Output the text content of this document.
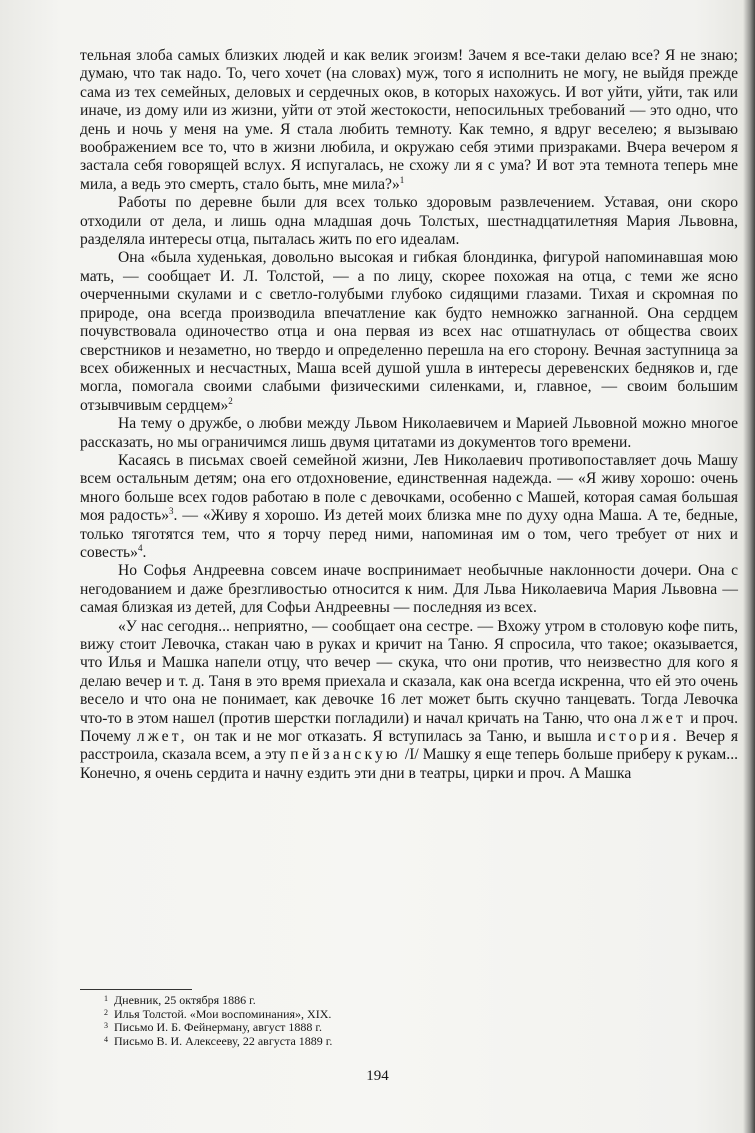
тельная злоба самых близких людей и как велик эгоизм! Зачем я все-таки делаю все? Я не знаю; думаю, что так надо. То, чего хочет (на словах) муж, того я исполнить не могу, не выйдя прежде сама из тех семейных, деловых и сердечных оков, в которых нахожусь. И вот уйти, уйти, так или иначе, из дому или из жизни, уйти от этой жестокости, непосильных требований — это одно, что день и ночь у меня на уме. Я стала любить темноту. Как темно, я вдруг веселею; я вызываю воображением все то, что в жизни любила, и окружаю себя этими призраками. Вчера вечером я застала себя говорящей вслух. Я испугалась, не схожу ли я с ума? И вот эта темнота теперь мне мила, а ведь это смерть, стало быть, мне мила?»$^1$

Работы по деревне были для всех только здоровым развлечением. Уставая, они скоро отходили от дела, и лишь одна младшая дочь Толстых, шестнадцатилетняя Мария Львовна, разделяла интересы отца, пыталась жить по его идеалам.

Она «была худенькая, довольно высокая и гибкая блондинка, фигурой напоминавшая мою мать, — сообщает И. Л. Толстой, — а по лицу, скорее похожая на отца, с теми же ясно очерченными скулами и с светло-голубыми глубоко сидящими глазами. Тихая и скромная по природе, она всегда производила впечатление как будто немножко загнанной. Она сердцем почувствовала одиночество отца и она первая из всех нас отшатнулась от общества своих сверстников и незаметно, но твердо и определенно перешла на его сторону. Вечная заступница за всех обиженных и несчастных, Маша всей душой ушла в интересы деревенских бедняков и, где могла, помогала своими слабыми физическими силенками, и, главное, — своим большим отзывчивым сердцем»$^2$

На тему о дружбе, о любви между Львом Николаевичем и Марией Львовной можно многое рассказать, но мы ограничимся лишь двумя цитатами из документов того времени.

Касаясь в письмах своей семейной жизни, Лев Николаевич противопоставляет дочь Машу всем остальным детям; она его отдохновение, единственная надежда. — «Я живу хорошо: очень много больше всех годов работаю в поле с девочками, особенно с Машей, которая самая большая моя радость»$^3$. — «Живу я хорошо. Из детей моих близка мне по духу одна Маша. А те, бедные, только тяготятся тем, что я торчу перед ними, напоминая им о том, чего требует от них и совесть»$^4$.

Но Софья Андреевна совсем иначе воспринимает необычные наклонности дочери. Она с негодованием и даже брезгливостью относится к ним. Для Льва Николаевича Мария Львовна — самая близкая из детей, для Софьи Андреевны — последняя из всех.

«У нас сегодня... неприятно, — сообщает она сестре. — Вхожу утром в столовую кофе пить, вижу стоит Левочка, стакан чаю в руках и кричит на Таню. Я спросила, что такое; оказывается, что Илья и Машка напели отцу, что вечер — скука, что они против, что неизвестно для кого я делаю вечер и т. д. Таня в это время приехала и сказала, как она всегда искренна, что ей это очень весело и что она не понимает, как девочке 16 лет может быть скучно танцевать. Тогда Левочка что-то в этом нашел (против шерстки погладили) и начал кричать на Таню, что она лжет и проч. Почему лжет, он так и не мог отказать. Я вступилась за Таню, и вышла история. Вечер я расстроила, сказала всем, а эту пейзанскую /I/ Машку я еще теперь больше приберу к рукам... Конечно, я очень сердита и начну ездить эти дни в театры, цирки и проч. А Машка

$^1$ Дневник, 25 октября 1886 г.

$^2$ Илья Толстой. «Мои воспоминания», XIX.

$^3$ Письмо И. Б. Фейнерману, август 1888 г.

$^4$ Письмо В. И. Алексееву, 22 августа 1889 г.

194
